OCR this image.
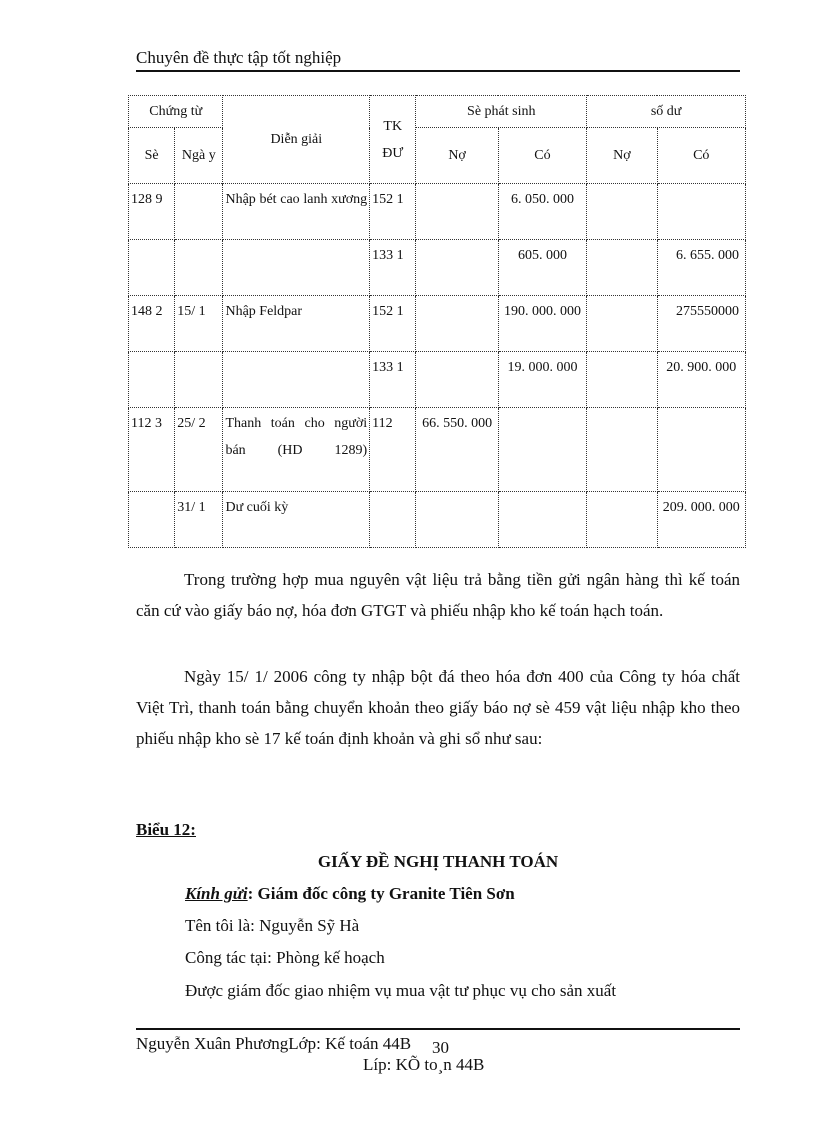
Chuyên đề thực tập tốt nghiệp
Chứng từ		Diễn giải	TK ĐƯ	Sè phát sinh		số dư	
Sè	Ngà y			Nợ	Có	Nợ	Có
128 9		Nhập bét cao lanh xương	152 1		6. 050. 000		
			133 1		605. 000		6. 655. 000
148 2	15/ 1	Nhập Feldpar	152 1		190. 000. 000		275550000
			133 1		19. 000. 000		20. 900. 000
112 3	25/ 2	Thanh toán cho người bán (HD 1289)	112	66. 550. 000			
	31/ 1	Dư cuối kỳ					209. 000. 000

Trong trường hợp mua nguyên vật liệu trả bằng tiền gửi ngân hàng thì kế toán căn cứ vào giấy báo nợ, hóa đơn GTGT và phiếu nhập kho kế toán hạch toán.

Ngày 15/ 1/ 2006 công ty nhập bột đá theo hóa đơn 400 của Công ty hóa chất Việt Trì, thanh toán bằng chuyển khoản theo giấy báo nợ sè 459 vật liệu nhập kho theo phiếu nhập kho sè 17 kế toán định khoản và ghi sổ như sau:

Biểu 12:
GIẤY ĐỀ NGHỊ THANH TOÁN
Kính gửi: Giám đốc công ty Granite Tiên Sơn
Tên tôi là: Nguyễn Sỹ Hà
Công tác tại: Phòng kế hoạch
Được giám đốc giao nhiệm vụ mua vật tư phục vụ cho sản xuất
Nguyễn Xuân PhươngLớp: Kế toán 44B 30
Líp: KÕ to¸n 44B
